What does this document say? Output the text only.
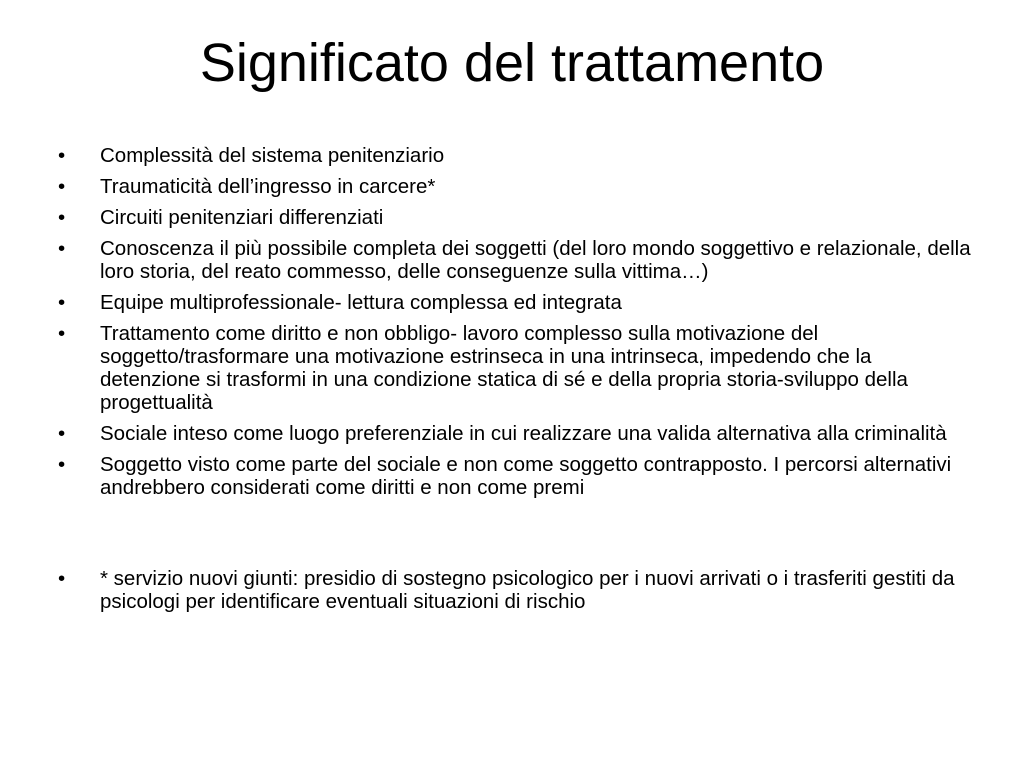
Significato del trattamento
• Complessità del sistema penitenziario
• Traumaticità dell’ingresso in carcere*
• Circuiti penitenziari differenziati
• Conoscenza il più possibile completa dei soggetti (del loro mondo soggettivo e relazionale, della loro storia, del reato commesso, delle conseguenze sulla vittima…)
• Equipe multiprofessionale- lettura complessa ed integrata
• Trattamento come diritto e non obbligo- lavoro complesso sulla motivazione del soggetto/trasformare una motivazione estrinseca in una intrinseca, impedendo che la detenzione si trasformi in una condizione statica di sé e della propria storia-sviluppo della progettualità
• Sociale inteso come luogo preferenziale in cui realizzare una valida alternativa alla criminalità
• Soggetto visto come parte del sociale e non come soggetto contrapposto. I percorsi alternativi andrebbero considerati come diritti e non come premi
• * servizio nuovi giunti: presidio di sostegno psicologico per i nuovi arrivati o i trasferiti gestiti da psicologi per identificare eventuali situazioni di rischio
